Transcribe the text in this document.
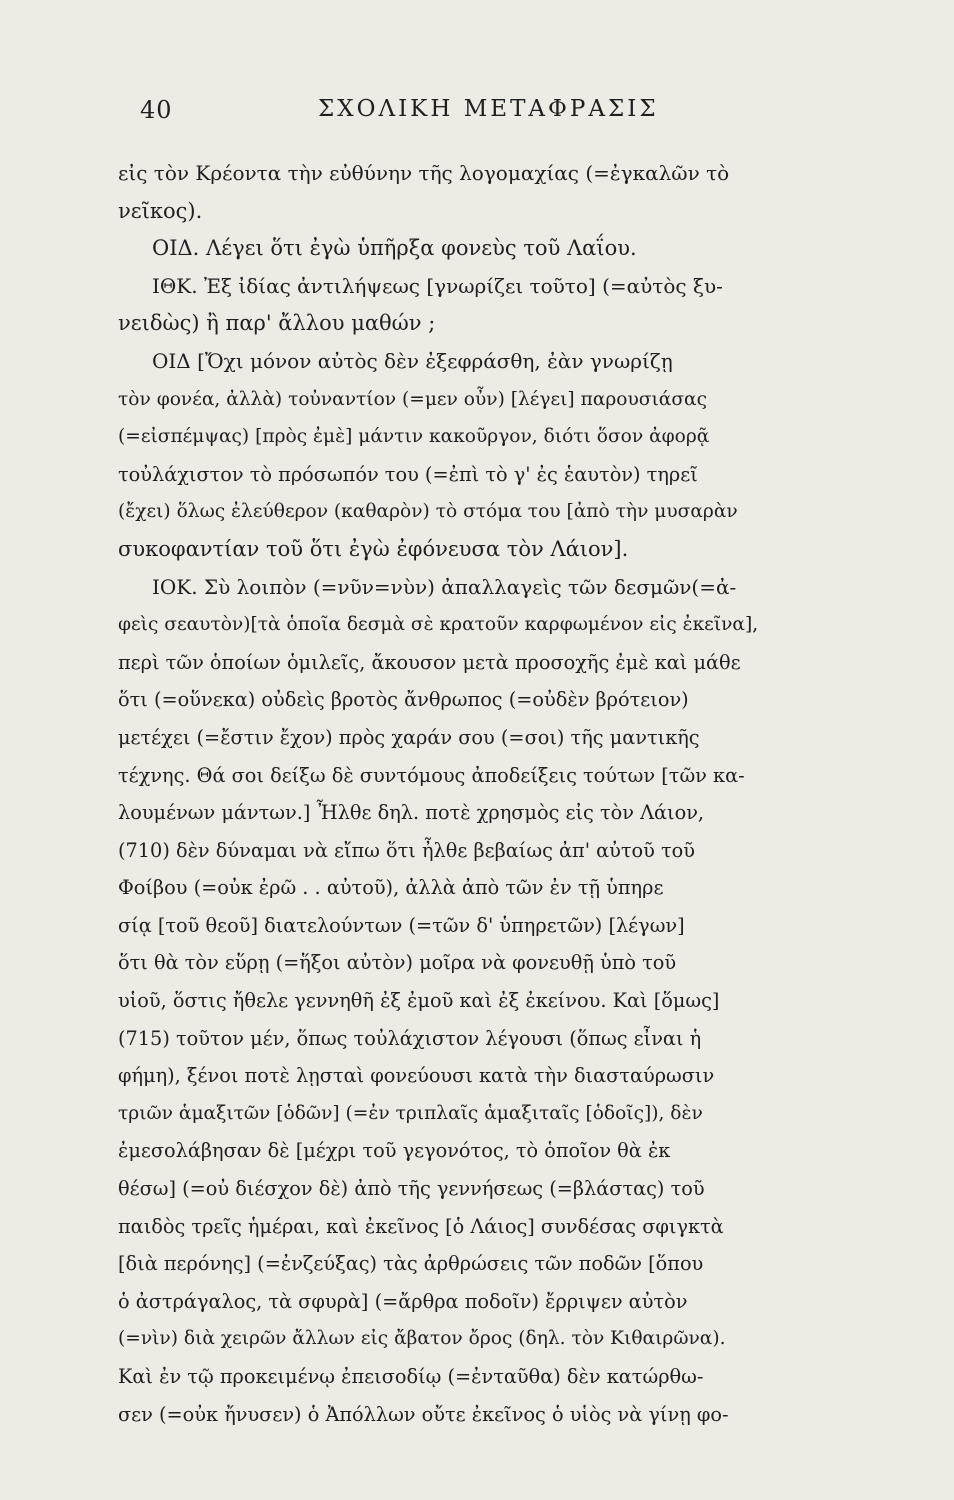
40	ΣΧΟΛΙΚΗ ΜΕΤΑΦΡΑΣΙΣ
εἰς τὸν Κρέοντα τὴν εὐθύνην τῆς λογομαχίας (=ἐγκαλῶν τὸ
νεῖκος).
ΟΙΔ. Λέγει ὅτι ἐγὼ ὑπῆρξα φονεὺς τοῦ Λαΐου.
ΙΘΚ. Ἐξ ἰδίας ἀντιλήψεως [γνωρίζει τοῦτο] (=αὐτὸς ξυ-
νειδὼς) ἢ παρ' ἄλλου μαθών ;
ΟΙΔ [Ὄχι μόνον αὐτὸς δὲν ἐξεφράσθη, ἐὰν γνωρίζῃ
τὸν φονέα, ἀλλὰ) τοὐναντίον (=μεν οὖν) [λέγει] παρουσιάσας
(=εἰσπέμψας) [πρὸς ἐμὲ] μάντιν κακοῦργον, διότι ὅσον ἀφορᾷ
τοὐλάχιστον τὸ πρόσωπόν του (=ἐπὶ τὸ γ' ἐς ἑαυτὸν) τηρεῖ
(ἔχει) ὅλως ἐλεύθερον (καθαρὸν) τὸ στόμα του [ἀπὸ τὴν μυσαρὰν
συκοφαντίαν τοῦ ὅτι ἐγὼ ἐφόνευσα τὸν Λάιον].
ΙΟΚ. Σὺ λοιπὸν (=νῦν=νὺν) ἀπαλλαγεὶς τῶν δεσμῶν(=ἀ-
φεὶς σεαυτὸν)[τὰ ὁποῖα δεσμὰ σὲ κρατοῦν καρφωμένον εἰς ἐκεῖνα],
περὶ τῶν ὁποίων ὁμιλεῖς, ἄκουσον μετὰ προσοχῆς ἐμὲ καὶ μάθε
ὅτι (=οὕνεκα) οὐδεὶς βροτὸς ἄνθρωπος (=οὐδὲν βρότειον)
μετέχει (=ἔστιν ἔχον) πρὸς χαράν σου (=σοι) τῆς μαντικῆς
τέχνης. Θά σοι δείξω δὲ συντόμους ἀποδείξεις τούτων [τῶν κα-
λουμένων μάντων.] Ἦλθε δηλ. ποτὲ χρησμὸς εἰς τὸν Λάιον,
(710) δὲν δύναμαι νὰ εἴπω ὅτι ἦλθε βεβαίως ἀπ' αὐτοῦ τοῦ
Φοίβου (=οὐκ ἐρῶ . . αὐτοῦ), ἀλλὰ ἀπὸ τῶν ἐν τῇ ὑπηρε
σίᾳ [τοῦ θεοῦ] διατελούντων (=τῶν δ' ὑπηρετῶν) [λέγων]
ὅτι θὰ τὸν εὕρῃ (=ἥξοι αὐτὸν) μοῖρα νὰ φονευθῇ ὑπὸ τοῦ
υἱοῦ, ὅστις ἤθελε γεννηθῆ ἐξ ἐμοῦ καὶ ἐξ ἐκείνου. Καὶ [ὅμως]
(715) τοῦτον μέν, ὅπως τοὐλάχιστον λέγουσι (ὅπως εἶναι ἡ
φήμη), ξένοι ποτὲ λῃσταὶ φονεύουσι κατὰ τὴν διασταύρωσιν
τριῶν ἁμαξιτῶν [ὁδῶν] (=ἐν τριπλαῖς ἁμαξιταῖς [ὁδοῖς]), δὲν
ἐμεσολάβησαν δὲ [μέχρι τοῦ γεγονότος, τὸ ὁποῖον θὰ ἐκ
θέσω] (=οὐ διέσχον δὲ) ἀπὸ τῆς γεννήσεως (=βλάστας) τοῦ
παιδὸς τρεῖς ἡμέραι, καὶ ἐκεῖνος [ὁ Λάιος] συνδέσας σφιγκτὰ
[διὰ περόνης] (=ἐνζεύξας) τὰς ἀρθρώσεις τῶν ποδῶν [ὅπου
ὁ ἀστράγαλος, τὰ σφυρὰ] (=ἄρθρα ποδοῖν) ἔρριψεν αὐτὸν
(=νὶν) διὰ χειρῶν ἄλλων εἰς ἄβατον ὄρος (δηλ. τὸν Κιθαιρῶνα).
Καὶ ἐν τῷ προκειμένῳ ἐπεισοδίῳ (=ἐνταῦθα) δὲν κατώρθω-
σεν (=οὐκ ἤνυσεν) ὁ Ἀπόλλων οὔτε ἐκεῖνος ὁ υἱὸς νὰ γίνῃ φο-
